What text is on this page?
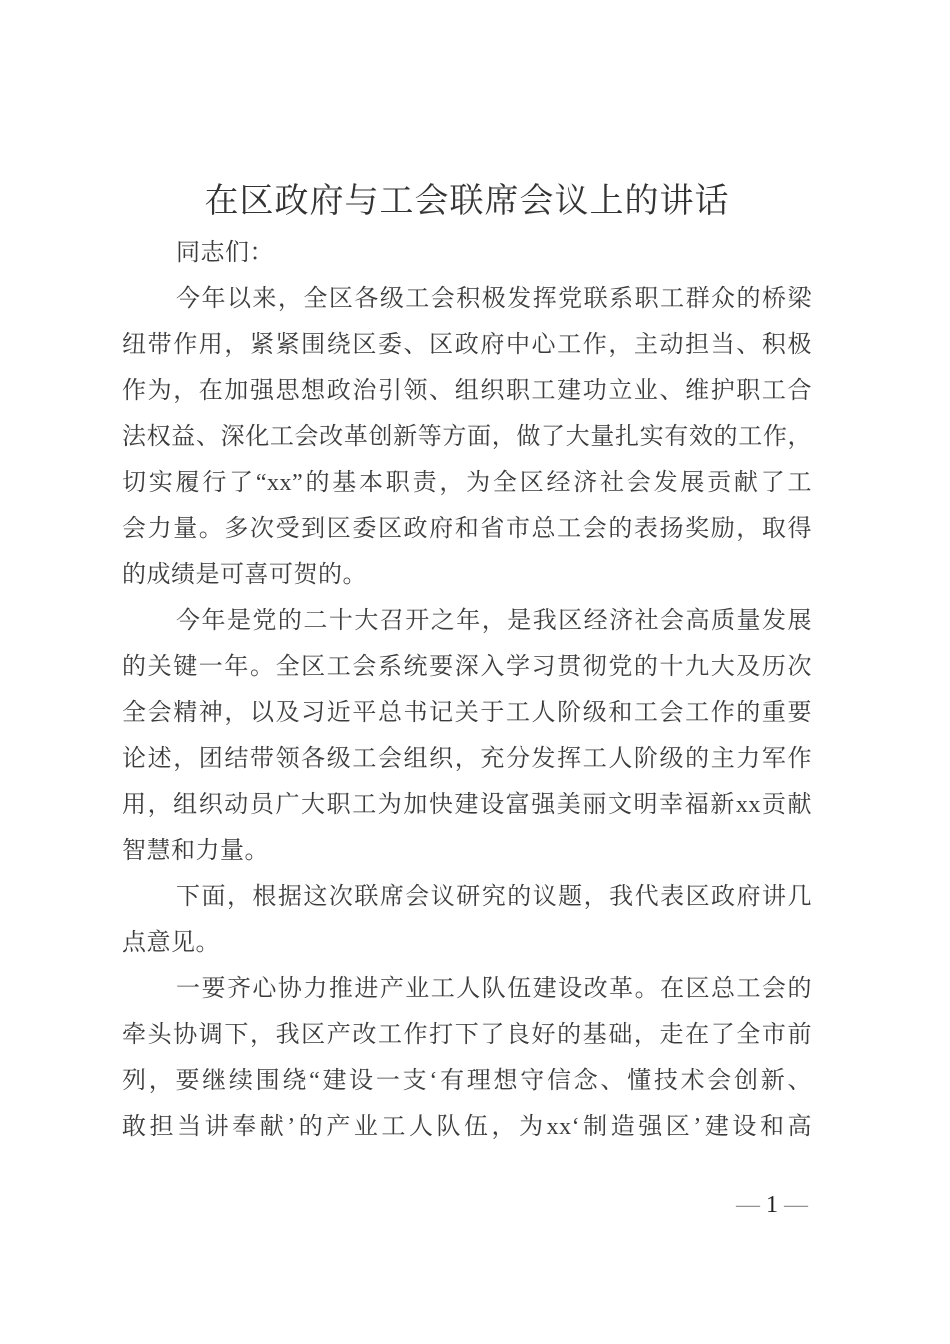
在区政府与工会联席会议上的讲话
同志们：
今年以来，全区各级工会积极发挥党联系职工群众的桥梁
纽带作用，紧紧围绕区委、区政府中心工作，主动担当、积极
作为，在加强思想政治引领、组织职工建功立业、维护职工合
法权益、深化工会改革创新等方面，做了大量扎实有效的工作，
切实履行了“xx”的基本职责，为全区经济社会发展贡献了工
会力量。多次受到区委区政府和省市总工会的表扬奖励，取得
的成绩是可喜可贺的。
今年是党的二十大召开之年，是我区经济社会高质量发展
的关键一年。全区工会系统要深入学习贯彻党的十九大及历次
全会精神，以及习近平总书记关于工人阶级和工会工作的重要
论述，团结带领各级工会组织，充分发挥工人阶级的主力军作
用，组织动员广大职工为加快建设富强美丽文明幸福新xx贡献
智慧和力量。
下面，根据这次联席会议研究的议题，我代表区政府讲几
点意见。
一要齐心协力推进产业工人队伍建设改革。在区总工会的
牵头协调下，我区产改工作打下了良好的基础，走在了全市前
列，要继续围绕“建设一支‘有理想守信念、懂技术会创新、
敢担当讲奉献’的产业工人队伍，为xx‘制造强区’建设和高
— 1 —
